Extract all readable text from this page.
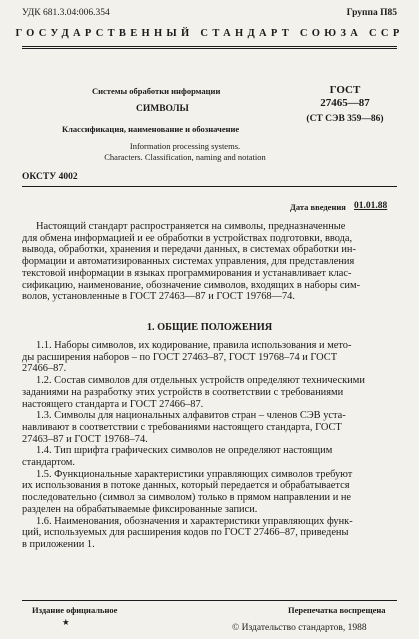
УДК 681.3.04:006.354	Группа П85
ГОСУДАРСТВЕННЫЙ СТАНДАРТ СОЮЗА ССР
Системы обработки информации
СИМВОЛЫ
Классификация, наименование и обозначение
ГОСТ
27465—87
(СТ СЭВ 359—86)
Information processing systems.
Characters. Classification, naming and notation
ОКСТУ 4002
Дата введения 01.01.88

Настоящий стандарт распространяется на символы, предназначенные

для обмена информацией и ее обработки в устройствах подготовки, ввода,

вывода, обработки, хранения и передачи данных, в системах обработки ин-

формации и автоматизированных системах управления, для представления

текстовой информации в языках программирования и устанавливает клас-

сификацию, наименование, обозначение символов, входящих в наборы сим-

волов, установленные в ГОСТ 27463—87 и ГОСТ 19768—74.

1. ОБЩИЕ ПОЛОЖЕНИЯ

1.1. Наборы символов, их кодирование, правила использования и мето-

ды расширения наборов – по ГОСТ 27463–87, ГОСТ 19768–74 и ГОСТ

27466–87.

1.2. Состав символов для отдельных устройств определяют техническими

заданиями на разработку этих устройств в соответствии с требованиями

настоящего стандарта и ГОСТ 27466–87.

1.3. Символы для национальных алфавитов стран – членов СЭВ уста-

навливают в соответствии с требованиями настоящего стандарта, ГОСТ

27463–87 и ГОСТ 19768–74.

1.4. Тип шрифта графических символов не определяют настоящим

стандартом.

1.5. Функциональные характеристики управляющих символов требуют

их использования в потоке данных, который передается и обрабатывается

последовательно (символ за символом) только в прямом направлении и не

разделен на обрабатываемые фиксированные записи.

1.6. Наименования, обозначения и характеристики управляющих функ-

ций, используемых для расширения кодов по ГОСТ 27466–87, приведены

в приложении 1.

Издание официальное
★
Перепечатка воспрещена
© Издательство стандартов, 1988
